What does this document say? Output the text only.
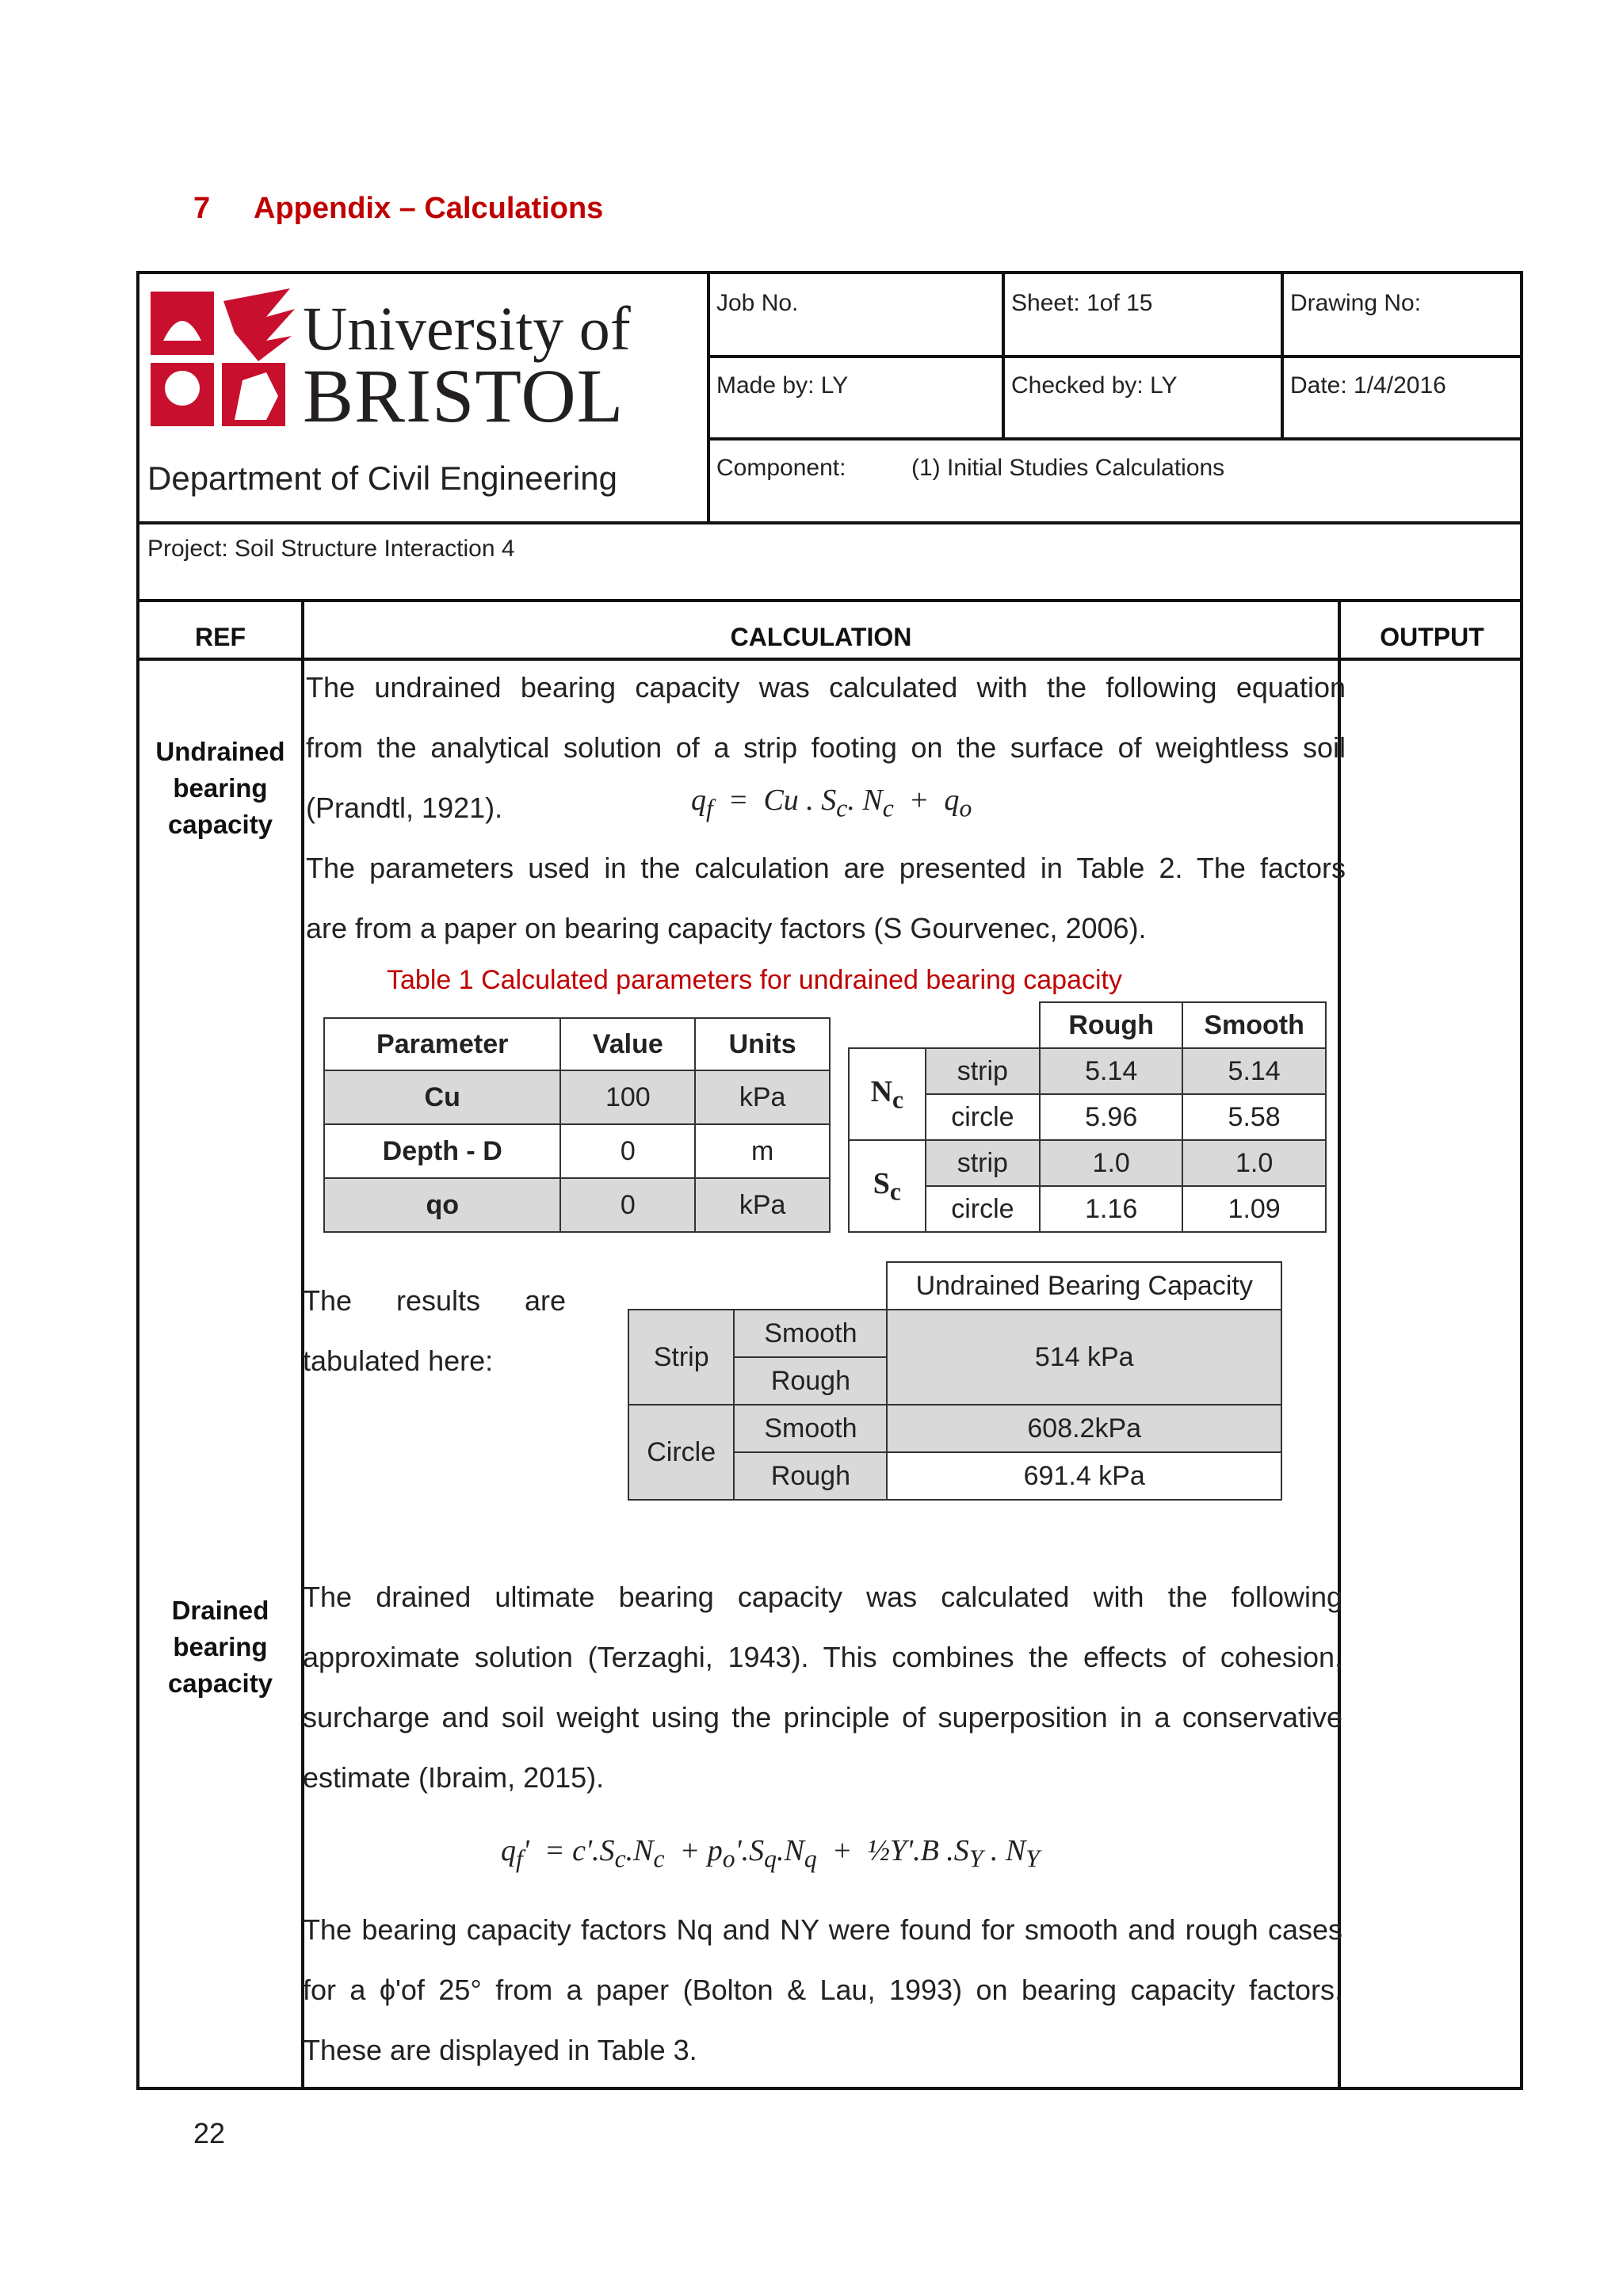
7 Appendix – Calculations
University of
BRISTOL
Department of Civil Engineering
Job No.	Sheet: 1of 15	Drawing No:
Made by: LY	Checked by: LY	Date: 1/4/2016
Component:	(1) Initial Studies Calculations
Project: Soil Structure Interaction 4
REF	CALCULATION	OUTPUT
Undrained
bearing
capacity
The undrained bearing capacity was calculated with the following equation
from the analytical solution of a strip footing on the surface of weightless soil
(Prandtl, 1921).	$q_f = Cu$ . $S_c$. $N_c + q_o$
The parameters used in the calculation are presented in Table 2. The factors
are from a paper on bearing capacity factors (S Gourvenec, 2006).
Table 1 Calculated parameters for undrained bearing capacity
Parameter	Value	Units
Cu	100	kPa
Depth - D	0	m
qo	0	kPa
		Rough	Smooth
$N_c$	strip	5.14	5.14
	circle	5.96	5.58
$S_c$	strip	1.0	1.0
	circle	1.16	1.09
The results are
tabulated here:
		Undrained Bearing Capacity
Strip	Smooth	514 kPa
	Rough	
Circle	Smooth	608.2kPa
	Rough	691.4 kPa
Drained
bearing
capacity
The drained ultimate bearing capacity was calculated with the following
approximate solution (Terzaghi, 1943). This combines the effects of cohesion,
surcharge and soil weight using the principle of superposition in a conservative
estimate (Ibraim, 2015).
$q_f' = c'.S_c.N_c + p_o'.S_q.N_q$  +  ½Υ'.B $.S_\Upsilon$ . $N_\Upsilon$
The bearing capacity factors Nq and NΥ were found for smooth and rough cases
for a ϕ'of 25° from a paper (Bolton & Lau, 1993) on bearing capacity factors.
These are displayed in Table 3.
22
